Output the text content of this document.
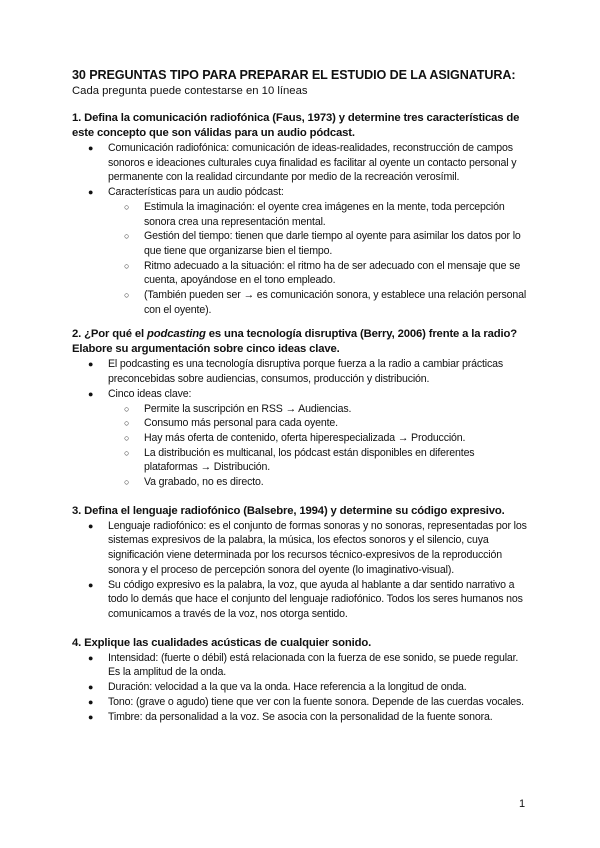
30 PREGUNTAS TIPO PARA PREPARAR EL ESTUDIO DE LA ASIGNATURA:

Cada pregunta puede contestarse en 10 líneas

1. Defina la comunicación radiofónica (Faus, 1973) y determine tres características de este concepto que son válidas para un audio pódcast.

● Comunicación radiofónica: comunicación de ideas-realidades, reconstrucción de campos sonoros e ideaciones culturales cuya finalidad es facilitar al oyente un contacto personal y permanente con la realidad circundante por medio de la recreación verosímil.
● Características para un audio pódcast:
○ Estimula la imaginación: el oyente crea imágenes en la mente, toda percepción sonora crea una representación mental.
○ Gestión del tiempo: tienen que darle tiempo al oyente para asimilar los datos por lo que tiene que organizarse bien el tiempo.
○ Ritmo adecuado a la situación: el ritmo ha de ser adecuado con el mensaje que se cuenta, apoyándose en el tono empleado.
○ (También pueden ser → es comunicación sonora, y establece una relación personal con el oyente).

2. ¿Por qué el podcasting es una tecnología disruptiva (Berry, 2006) frente a la radio? Elabore su argumentación sobre cinco ideas clave.

● El podcasting es una tecnología disruptiva porque fuerza a la radio a cambiar prácticas preconcebidas sobre audiencias, consumos, producción y distribución.
● Cinco ideas clave:
○ Permite la suscripción en RSS → Audiencias.
○ Consumo más personal para cada oyente.
○ Hay más oferta de contenido, oferta hiperespecializada → Producción.
○ La distribución es multicanal, los pódcast están disponibles en diferentes plataformas → Distribución.
○ Va grabado, no es directo.

3. Defina el lenguaje radiofónico (Balsebre, 1994) y determine su código expresivo.

● Lenguaje radiofónico: es el conjunto de formas sonoras y no sonoras, representadas por los sistemas expresivos de la palabra, la música, los efectos sonoros y el silencio, cuya significación viene determinada por los recursos técnico-expresivos de la reproducción sonora y el proceso de percepción sonora del oyente (lo imaginativo-visual).
● Su código expresivo es la palabra, la voz, que ayuda al hablante a dar sentido narrativo a todo lo demás que hace el conjunto del lenguaje radiofónico. Todos los seres humanos nos comunicamos a través de la voz, nos otorga sentido.

4. Explique las cualidades acústicas de cualquier sonido.

● Intensidad: (fuerte o débil) está relacionada con la fuerza de ese sonido, se puede regular. Es la amplitud de la onda.
● Duración: velocidad a la que va la onda. Hace referencia a la longitud de onda.
● Tono: (grave o agudo) tiene que ver con la fuente sonora. Depende de las cuerdas vocales.
● Timbre: da personalidad a la voz. Se asocia con la personalidad de la fuente sonora.
1
